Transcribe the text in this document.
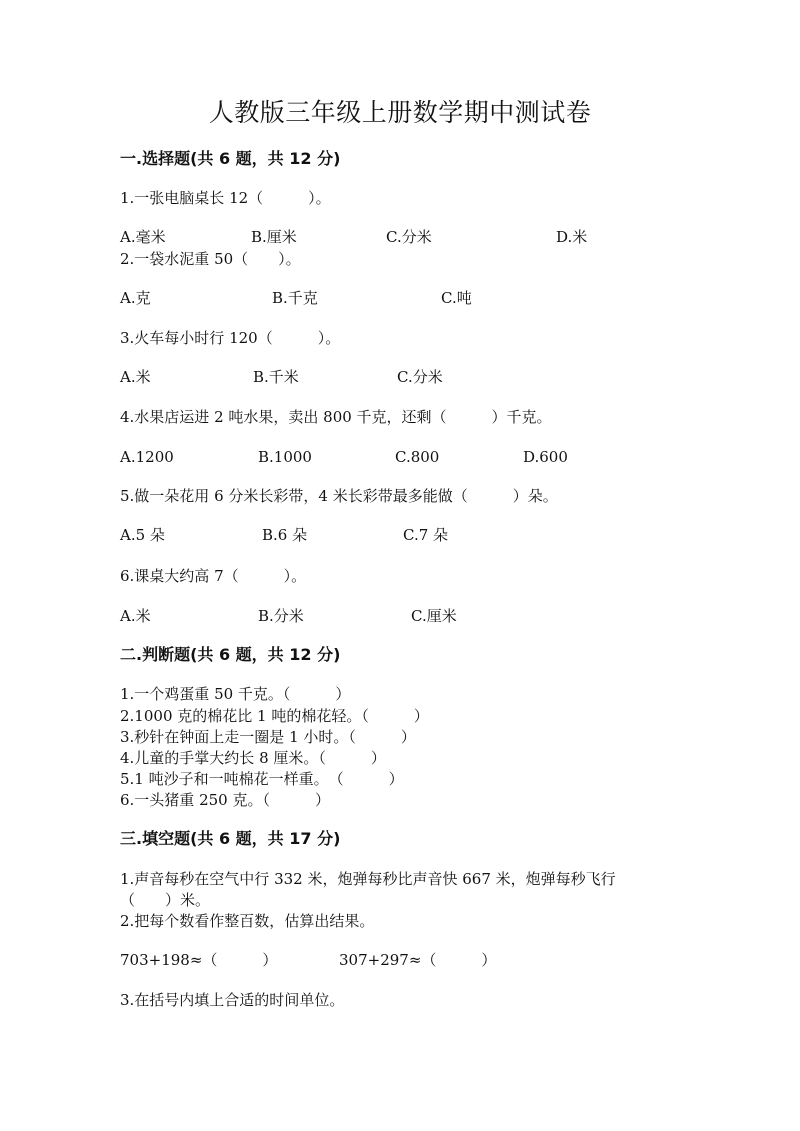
人教版三年级上册数学期中测试卷
一.选择题(共 6 题，共 12 分)
1.一张电脑桌长 12（　　　）。
A.毫米	B.厘米	C.分米	D.米
2.一袋水泥重 50（　　）。
A.克	B.千克	C.吨
3.火车每小时行 120（　　　）。
A.米	B.千米	C.分米
4.水果店运进 2 吨水果，卖出 800 千克，还剩（　　　）千克。
A.1200	B.1000	C.800	D.600
5.做一朵花用 6 分米长彩带，4 米长彩带最多能做（　　　）朵。
A.5 朵	B.6 朵	C.7 朵
6.课桌大约高 7（　　　）。
A.米	B.分米	C.厘米
二.判断题(共 6 题，共 12 分)
1.一个鸡蛋重 50 千克。（　　　）
2.1000 克的棉花比 1 吨的棉花轻。（　　　）
3.秒针在钟面上走一圈是 1 小时。（　　　）
4.儿童的手掌大约长 8 厘米。（　　　）
5.1 吨沙子和一吨棉花一样重。　（　　　）
6.一头猪重 250 克。（　　　）
三.填空题(共 6 题，共 17 分)
1.声音每秒在空气中行 332 米，炮弹每秒比声音快 667 米，炮弹每秒飞行
（　　）米。
2.把每个数看作整百数，估算出结果。
703+198≈（　　　）	307+297≈（　　　）
3.在括号内填上合适的时间单位。
